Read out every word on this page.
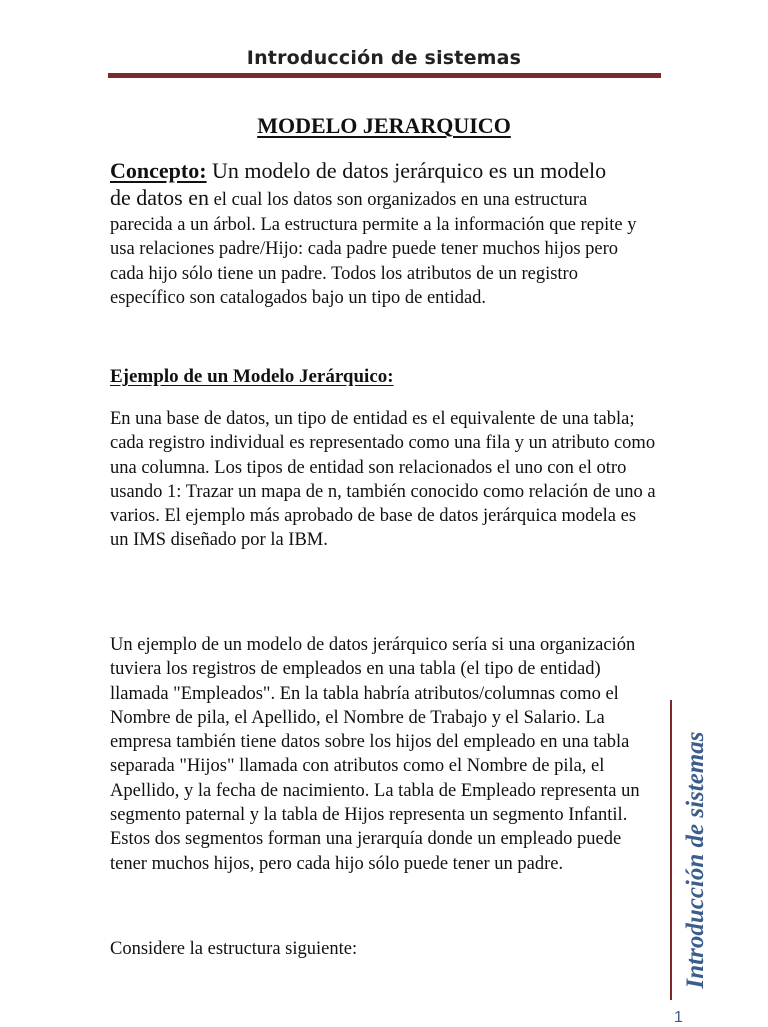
Introducción de sistemas
MODELO JERARQUICO
Concepto: Un modelo de datos jerárquico es un modelo
de datos en el cual los datos son organizados en una estructura

parecida a un árbol. La estructura permite a la información que repite y usa relaciones padre/Hijo: cada padre puede tener muchos hijos pero cada hijo sólo tiene un padre. Todos los atributos de un registro específico son catalogados bajo un tipo de entidad.

Ejemplo de un Modelo Jerárquico:

En una base de datos, un tipo de entidad es el equivalente de una tabla; cada registro individual es representado como una fila y un atributo como una columna. Los tipos de entidad son relacionados el uno con el otro usando 1: Trazar un mapa de n, también conocido como relación de uno a varios. El ejemplo más aprobado de base de datos jerárquica modela es un IMS diseñado por la IBM.

Un ejemplo de un modelo de datos jerárquico sería si una organización tuviera los registros de empleados en una tabla (el tipo de entidad) llamada "Empleados". En la tabla habría atributos/columnas como el Nombre de pila, el Apellido, el Nombre de Trabajo y el Salario. La empresa también tiene datos sobre los hijos del empleado en una tabla separada "Hijos" llamada con atributos como el Nombre de pila, el Apellido, y la fecha de nacimiento. La tabla de Empleado representa un segmento paternal y la tabla de Hijos representa un segmento Infantil. Estos dos segmentos forman una jerarquía donde un empleado puede tener muchos hijos, pero cada hijo sólo puede tener un padre.

Considere la estructura siguiente:	Introducción de sistemas
1
